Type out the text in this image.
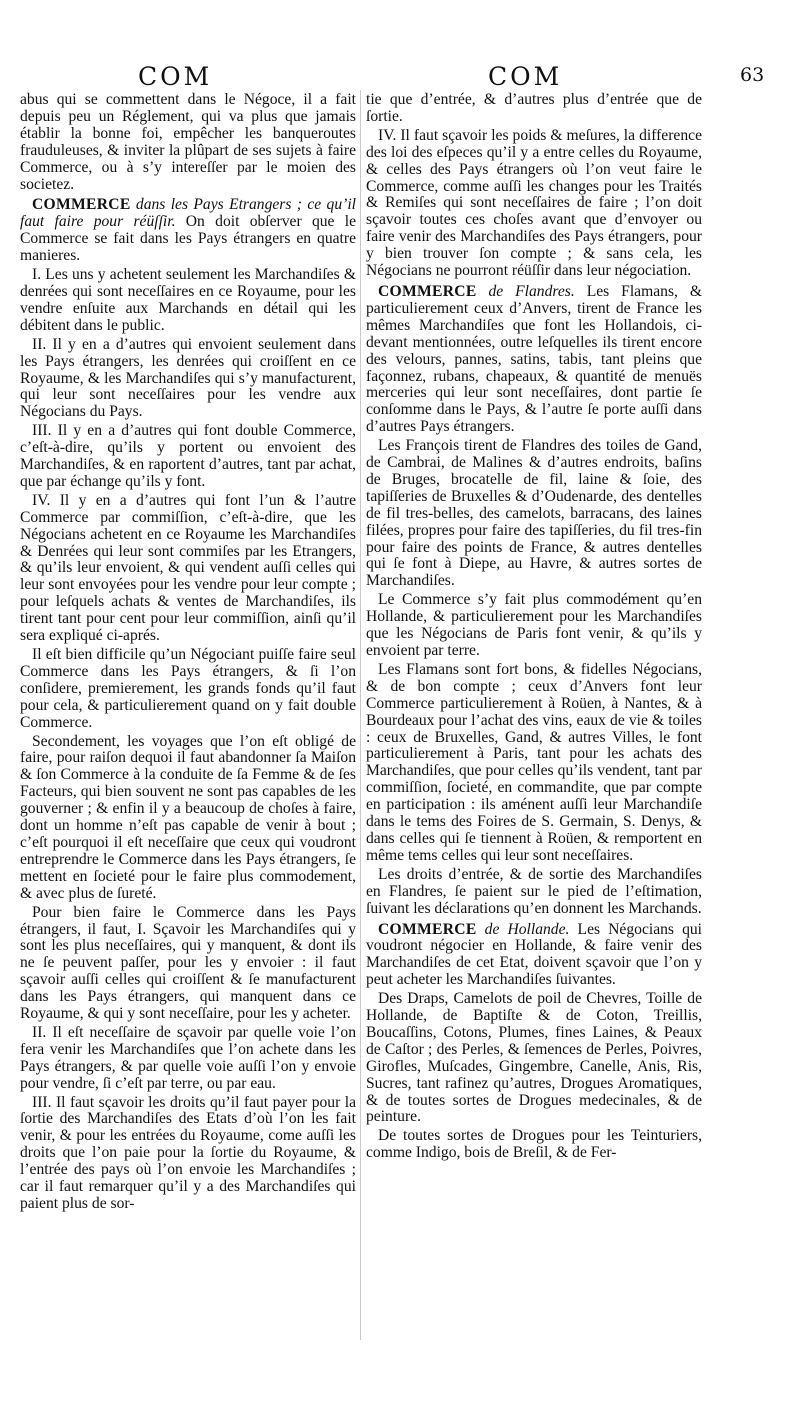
COM	COM	63

abus qui se commettent dans le Négoce, il a fait depuis peu un Réglement, qui va plus que jamais établir la bonne foi, empêcher les banqueroutes frauduleuses, & inviter la plûpart de ses sujets à faire Commerce, ou à s’y intereſſer par le moien des societez.

COMMERCE dans les Pays Etrangers ; ce qu’il faut faire pour réüſſir. On doit obſerver que le Commerce se fait dans les Pays étrangers en quatre manieres.

I. Les uns y achetent seulement les Marchandiſes & denrées qui sont neceſſaires en ce Royaume, pour les vendre enſuite aux Marchands en détail qui les débitent dans le public.

II. Il y en a d’autres qui envoient seulement dans les Pays étrangers, les denrées qui croiſſent en ce Royaume, & les Marchandiſes qui s’y manufacturent, qui leur sont neceſſaires pour les vendre aux Négocians du Pays.

III. Il y en a d’autres qui font double Commerce, c’eſt-à-dire, qu’ils y portent ou envoient des Marchandiſes, & en raportent d’autres, tant par achat, que par échange qu’ils y font.

IV. Il y en a d’autres qui font l’un & l’autre Commerce par commiſſion, c’eſt-à-dire, que les Négocians achetent en ce Royaume les Marchandiſes & Denrées qui leur sont commiſes par les Etrangers, & qu’ils leur envoient, & qui vendent auſſi celles qui leur sont envoyées pour les vendre pour leur compte ; pour leſquels achats & ventes de Marchandiſes, ils tirent tant pour cent pour leur commiſſion, ainſi qu’il sera expliqué ci-aprés.

Il eſt bien difficile qu’un Négociant puiſſe faire seul Commerce dans les Pays étrangers, & ſi l’on conſidere, premierement, les grands fonds qu’il faut pour cela, & particulierement quand on y fait double Commerce.

Secondement, les voyages que l’on eſt obligé de faire, pour raiſon dequoi il faut abandonner ſa Maiſon & ſon Commerce à la conduite de ſa Femme & de ſes Facteurs, qui bien souvent ne sont pas capables de les gouverner ; & enfin il y a beaucoup de choſes à faire, dont un homme n’eſt pas capable de venir à bout ; c’eſt pourquoi il eſt neceſſaire que ceux qui voudront entreprendre le Commerce dans les Pays étrangers, ſe mettent en ſocieté pour le faire plus commodement, & avec plus de ſureté.

Pour bien faire le Commerce dans les Pays étrangers, il faut, I. Sçavoir les Marchandiſes qui y sont les plus neceſſaires, qui y manquent, & dont ils ne ſe peuvent paſſer, pour les y envoier : il faut sçavoir auſſi celles qui croiſſent & ſe manufacturent dans les Pays étrangers, qui manquent dans ce Royaume, & qui y sont neceſſaire, pour les y acheter.

II. Il eſt neceſſaire de sçavoir par quelle voie l’on fera venir les Marchandiſes que l’on achete dans les Pays étrangers, & par quelle voie auſſi l’on y envoie pour vendre, ſi c’eſt par terre, ou par eau.

III. Il faut sçavoir les droits qu’il faut payer pour la ſortie des Marchandiſes des Etats d’où l’on les fait venir, & pour les entrées du Royaume, come auſſi les droits que l’on paie pour la ſortie du Royaume, & l’entrée des pays où l’on envoie les Marchandiſes ; car il faut remarquer qu’il y a des Marchandiſes qui paient plus de sor-

tie que d’entrée, & d’autres plus d’entrée que de ſortie.

IV. Il faut sçavoir les poids & meſures, la difference des loi des eſpeces qu’il y a entre celles du Royaume, & celles des Pays étrangers où l’on veut faire le Commerce, comme auſſi les changes pour les Traités & Remiſes qui sont neceſſaires de faire ; l’on doit sçavoir toutes ces choſes avant que d’envoyer ou faire venir des Marchandiſes des Pays étrangers, pour y bien trouver ſon compte ; & sans cela, les Négocians ne pourront réüſſir dans leur négociation.

COMMERCE de Flandres. Les Flamans, & particulierement ceux d’Anvers, tirent de France les mêmes Marchandiſes que font les Hollandois, ci-devant mentionnées, outre leſquelles ils tirent encore des velours, pannes, satins, tabis, tant pleins que façonnez, rubans, chapeaux, & quantité de menuës merceries qui leur sont neceſſaires, dont partie ſe conſomme dans le Pays, & l’autre ſe porte auſſi dans d’autres Pays étrangers.

Les François tirent de Flandres des toiles de Gand, de Cambrai, de Malines & d’autres endroits, baſins de Bruges, brocatelle de fil, laine & ſoie, des tapiſſeries de Bruxelles & d’Oudenarde, des dentelles de fil tres-belles, des camelots, barracans, des laines filées, propres pour faire des tapiſſeries, du fil tres-fin pour faire des points de France, & autres dentelles qui ſe font à Diepe, au Havre, & autres sortes de Marchandiſes.

Le Commerce s’y fait plus commodément qu’en Hollande, & particulierement pour les Marchandiſes que les Négocians de Paris font venir, & qu’ils y envoient par terre.

Les Flamans sont fort bons, & fidelles Négocians, & de bon compte ; ceux d’Anvers font leur Commerce particulierement à Roüen, à Nantes, & à Bourdeaux pour l’achat des vins, eaux de vie & toiles : ceux de Bruxelles, Gand, & autres Villes, le font particulierement à Paris, tant pour les achats des Marchandiſes, que pour celles qu’ils vendent, tant par commiſſion, ſocieté, en commandite, que par compte en participation : ils aménent auſſi leur Marchandiſe dans le tems des Foires de S. Germain, S. Denys, & dans celles qui ſe tiennent à Roüen, & remportent en même tems celles qui leur sont neceſſaires.

Les droits d’entrée, & de sortie des Marchandiſes en Flandres, ſe paient sur le pied de l’eſtimation, ſuivant les déclarations qu’en donnent les Marchands.

COMMERCE de Hollande. Les Négocians qui voudront négocier en Hollande, & faire venir des Marchandiſes de cet Etat, doivent sçavoir que l’on y peut acheter les Marchandiſes ſuivantes.

Des Draps, Camelots de poil de Chevres, Toille de Hollande, de Baptiſte & de Coton, Treillis, Boucaſſins, Cotons, Plumes, fines Laines, & Peaux de Caſtor ; des Perles, & ſemences de Perles, Poivres, Girofles, Muſcades, Gingembre, Canelle, Anis, Ris, Sucres, tant rafinez qu’autres, Drogues Aromatiques, & de toutes sortes de Drogues medecinales, & de peinture.

De toutes sortes de Drogues pour les Teinturiers, comme Indigo, bois de Breſil, & de Fer-
